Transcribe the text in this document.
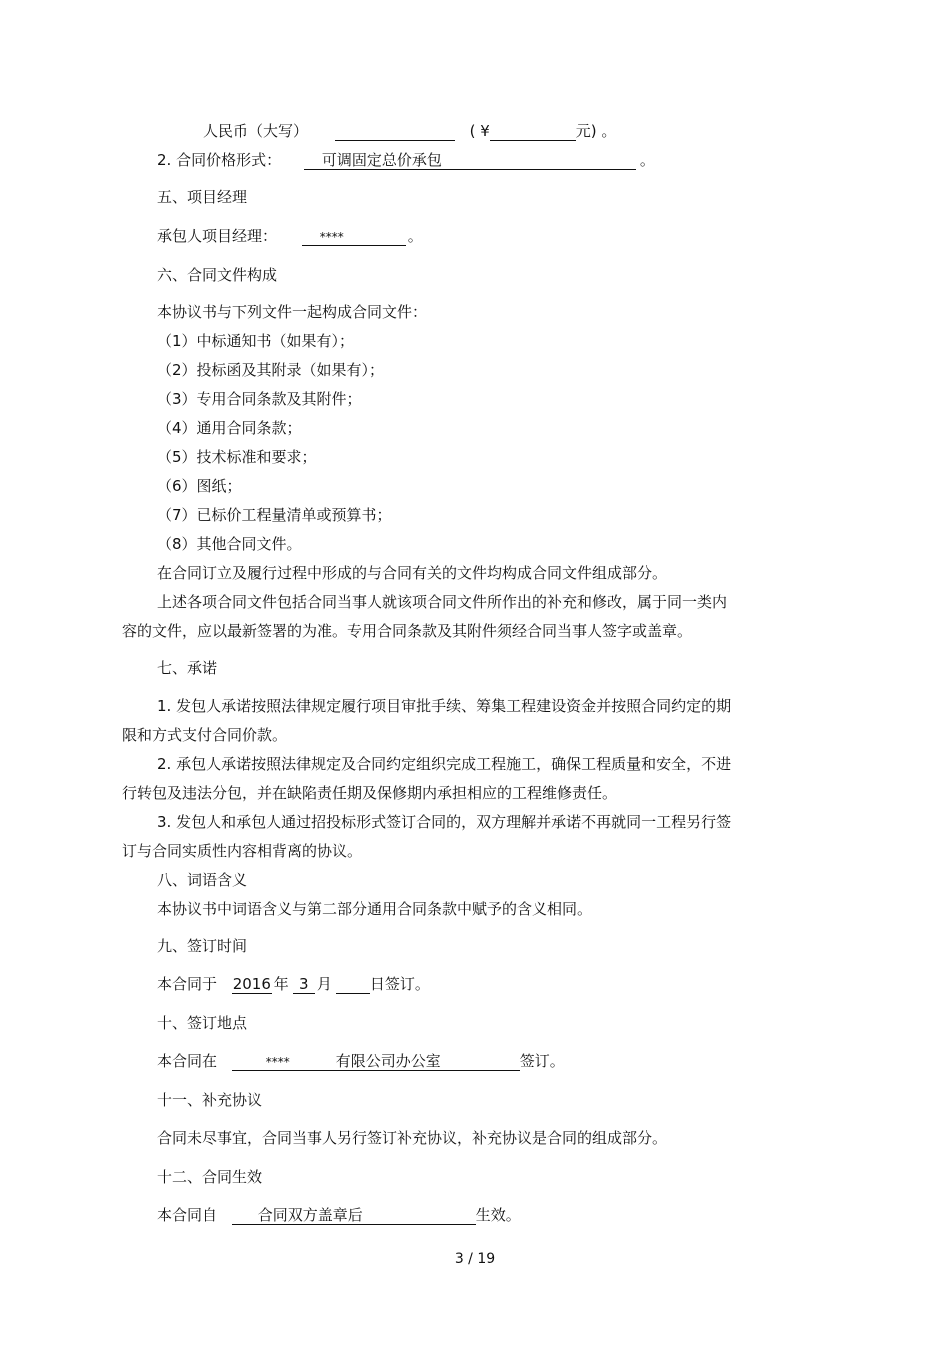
人民币（大写）	( ¥	元) 。
2. 合同价格形式：	可调固定总价承包	。
五、项目经理
承包人项目经理：	****	。
六、合同文件构成
本协议书与下列文件一起构成合同文件：
（1）中标通知书（如果有）；
（2）投标函及其附录（如果有）；
（3）专用合同条款及其附件；
（4）通用合同条款；
（5）技术标准和要求；
（6）图纸；
（7）已标价工程量清单或预算书；
（8）其他合同文件。
在合同订立及履行过程中形成的与合同有关的文件均构成合同文件组成部分。
上述各项合同文件包括合同当事人就该项合同文件所作出的补充和修改，属于同一类内
容的文件，应以最新签署的为准。专用合同条款及其附件须经合同当事人签字或盖章。
七、承诺
1. 发包人承诺按照法律规定履行项目审批手续、筹集工程建设资金并按照合同约定的期
限和方式支付合同价款。
2. 承包人承诺按照法律规定及合同约定组织完成工程施工，确保工程质量和安全，不进
行转包及违法分包，并在缺陷责任期及保修期内承担相应的工程维修责任。
3. 发包人和承包人通过招投标形式签订合同的，双方理解并承诺不再就同一工程另行签
订与合同实质性内容相背离的协议。
八、词语含义
本协议书中词语含义与第二部分通用合同条款中赋予的含义相同。
九、签订时间
本合同于 2016 年 3 月	日签订。
十、签订地点
本合同在	****	有限公司办公室	签订。
十一、补充协议
合同未尽事宜，合同当事人另行签订补充协议，补充协议是合同的组成部分。
十二、合同生效
本合同自	合同双方盖章后	生效。
3 / 19
